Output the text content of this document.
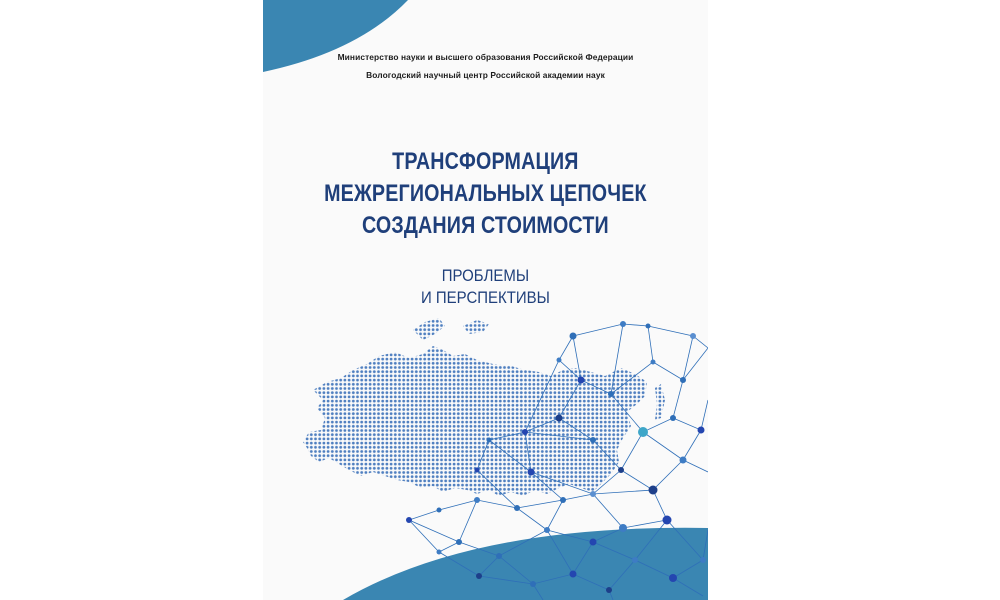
Министерство науки и высшего образования Российской Федерации
Вологодский научный центр Российской академии наук
ТРАНСФОРМАЦИЯ
МЕЖРЕГИОНАЛЬНЫХ ЦЕПОЧЕК
СОЗДАНИЯ СТОИМОСТИ
ПРОБЛЕМЫ
И ПЕРСПЕКТИВЫ
